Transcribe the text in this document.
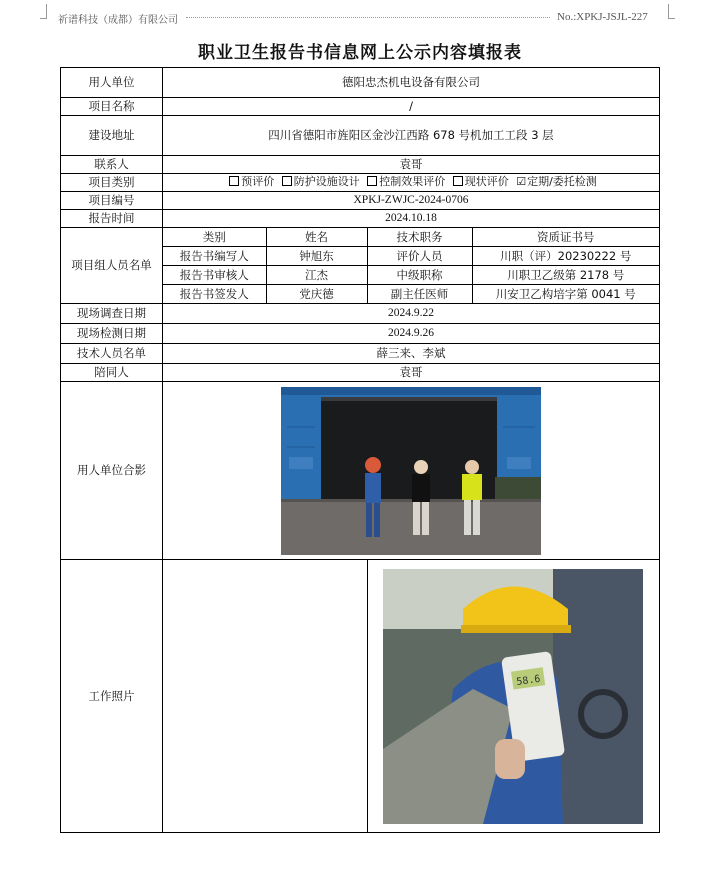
祈谱科技（成都）有限公司	No.:XPKJ-JSJL-227
职业卫生报告书信息网上公示内容填报表
用人单位	德阳忠杰机电设备有限公司
项目名称	/
建设地址	四川省德阳市旌阳区金沙江西路 678 号机加工工段 3 层
联系人	袁哥
项目类别	预评价 防护设施设计 控制效果评价 现状评价 ☑定期/委托检测
项目编号	XPKJ-ZWJC-2024-0706
报告时间	2024.10.18
项目组人员名单	
类别	姓名	技术职务	资质证书号
报告书编写人	钟旭东	评价人员	川职（评）20230222 号
报告书审核人	江杰	中级职称	川职卫乙级第 2178 号
报告书签发人	党庆德	副主任医师	川安卫乙构培字第 0041 号

现场调查日期	2024.9.22
现场检测日期	2024.9.26
技术人员名单	薛三来、李斌
陪同人	袁哥
用人单位合影	

工作照片	

58.6
